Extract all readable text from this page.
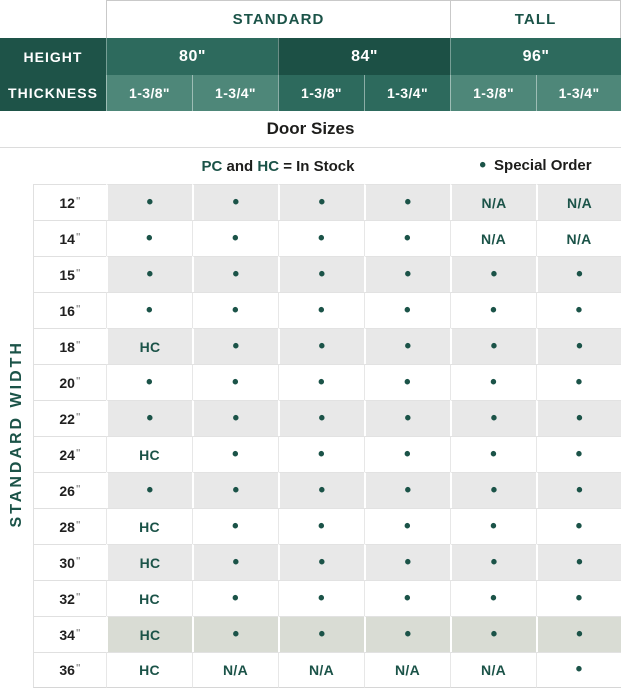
		STANDARD				TALL	
HEIGHT		80"		84"		96"	
THICKNESS		1-3/8"	1-3/4"	1-3/8"	1-3/4"	1-3/8"	1-3/4"
Door Sizes							

PC and HC = In Stock • Special Order							

STANDARD WIDTH	12"	•	•	•	•	N/A	N/A
	14"	•	•	•	•	N/A	N/A
	15"	•	•	•	•	•	•
	16"	•	•	•	•	•	•
	18"	HC	•	•	•	•	•
	20"	•	•	•	•	•	•
	22"	•	•	•	•	•	•
	24"	HC	•	•	•	•	•
	26"	•	•	•	•	•	•
	28"	HC	•	•	•	•	•
	30"	HC	•	•	•	•	•
	32"	HC	•	•	•	•	•
	34"	HC	•	•	•	•	•
	36"	HC	N/A	N/A	N/A	N/A	•
